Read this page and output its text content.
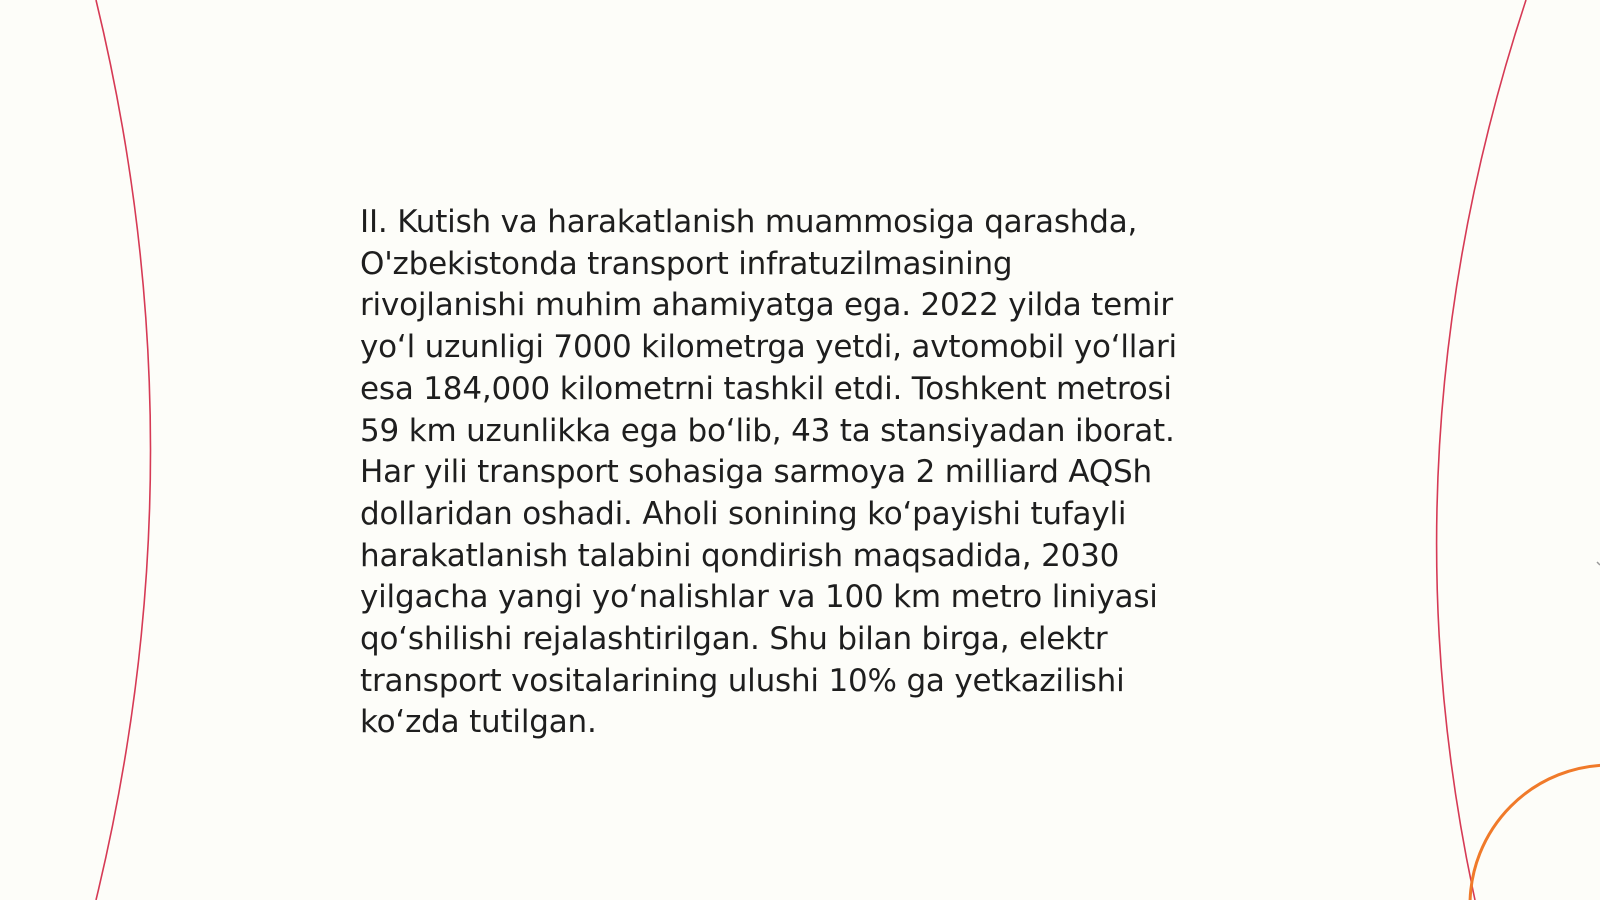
II. Kutish va harakatlanish muammosiga qarashda,
O'zbekistonda transport infratuzilmasining
rivojlanishi muhim ahamiyatga ega. 2022 yilda temir
yo‘l uzunligi 7000 kilometrga yetdi, avtomobil yo‘llari
esa 184,000 kilometrni tashkil etdi. Toshkent metrosi
59 km uzunlikka ega bo‘lib, 43 ta stansiyadan iborat.
Har yili transport sohasiga sarmoya 2 milliard AQSh
dollaridan oshadi. Aholi sonining ko‘payishi tufayli
harakatlanish talabini qondirish maqsadida, 2030
yilgacha yangi yo‘nalishlar va 100 km metro liniyasi
qo‘shilishi rejalashtirilgan. Shu bilan birga, elektr
transport vositalarining ulushi 10% ga yetkazilishi
ko‘zda tutilgan.
